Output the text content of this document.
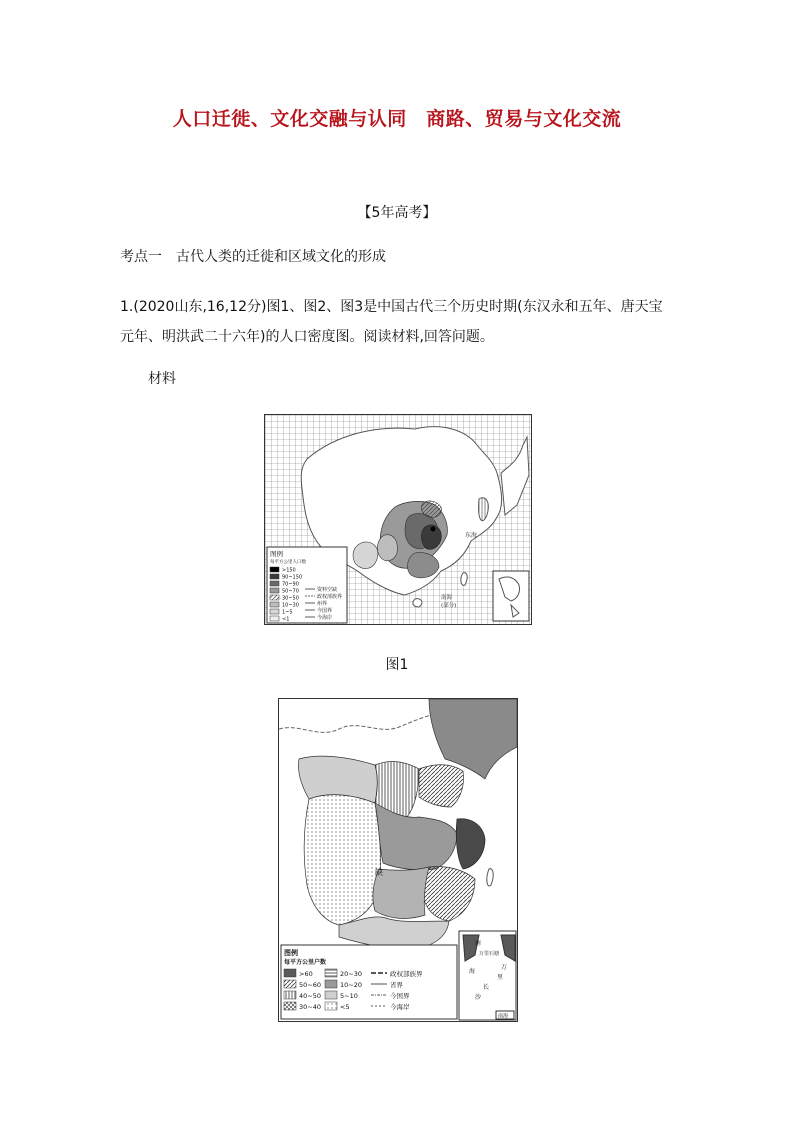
人口迁徙、文化交融与认同　商路、贸易与文化交流
【5年高考】
考点一　古代人类的迁徙和区域文化的形成
1.(2020山东,16,12分)图1、图2、图3是中国古代三个历史时期(东汉永和五年、唐天宝
元年、明洪武二十六年)的人口密度图。阅读材料,回答问题。
材料
东海
南海
(部分)
图例
每平方公里人口数
>150
90~150
70~90
50~70
30~50
10~30
1~5
<1
资料空缺
政权部族界
州界
今国界
今海岸
图1
缺
南
万里石塘
海
万
里
长
沙
南海
图例
每平方公里户数
>60
50~60
40~50
30~40
20~30
10~20
5~10
<5
政权部族界
省界
今国界
今海岸
